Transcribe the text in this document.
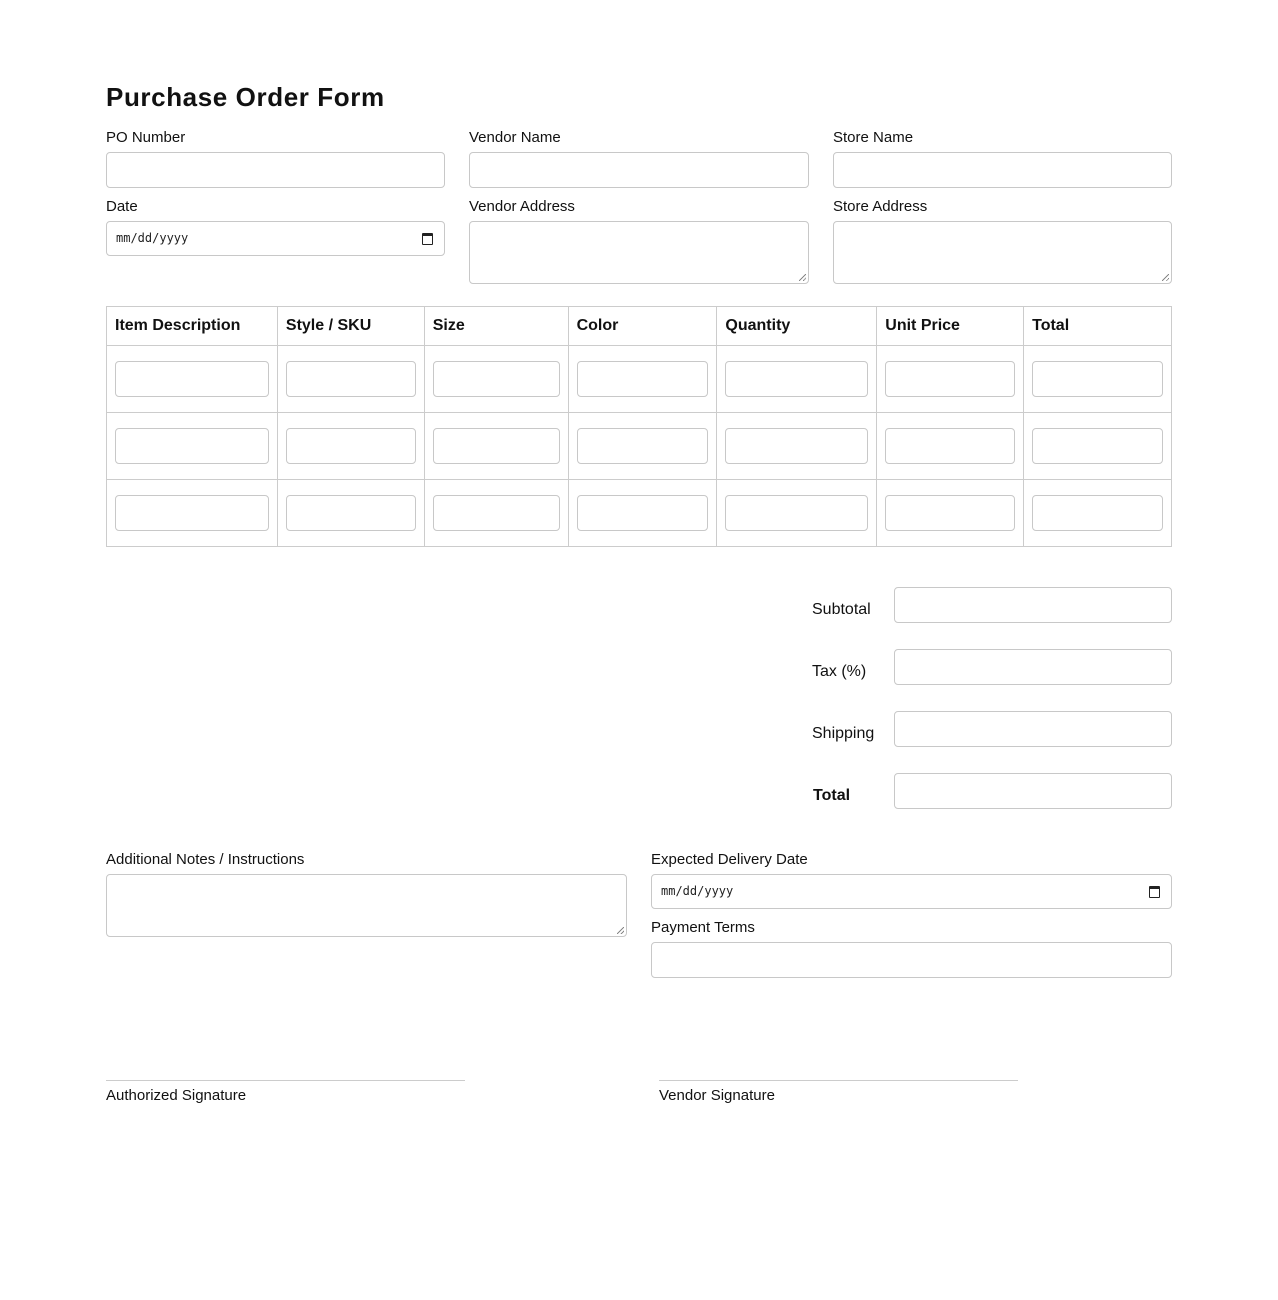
Purchase Order Form
PO Number	Vendor Name	Store Name
Date
mm/dd/yyyy
Vendor Address	Store Address
Item Description	Style / SKU	Size	Color	Quantity	Unit Price	Total

Subtotal
Tax (%)
Shipping
Total
Additional Notes / Instructions	Expected Delivery Date
mm/dd/yyyy
Payment Terms
Authorized Signature	Vendor Signature
